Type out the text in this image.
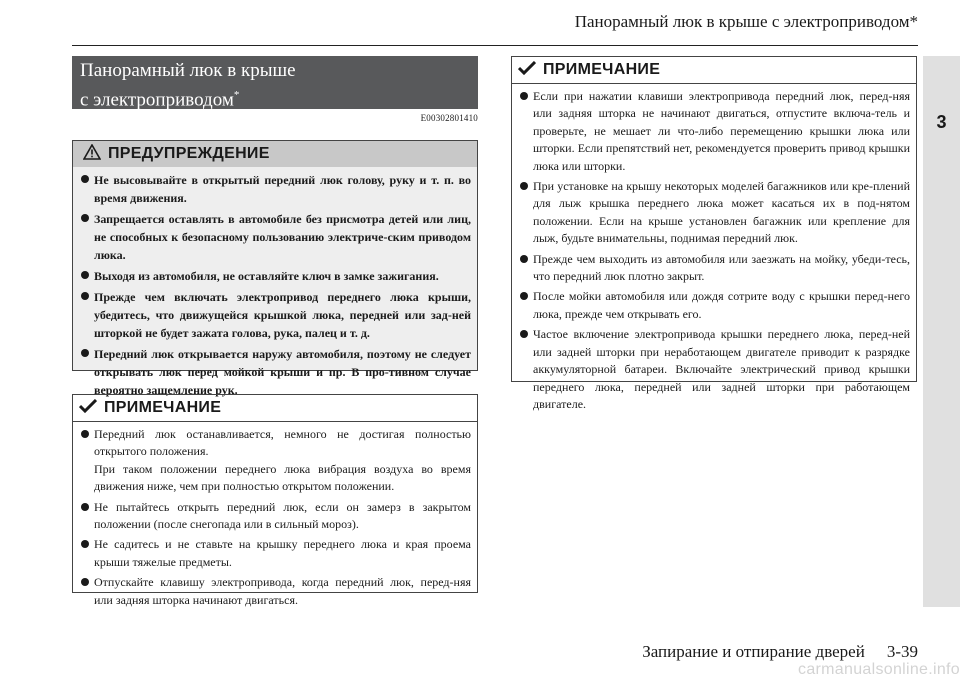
Панорамный люк в крыше с электроприводом*
3
Панорамный люк в крыше
с электроприводом*
E00302801410
ПРЕДУПРЕЖДЕНИЕ
Не высовывайте в открытый передний люк голову, руку и т. п. во время движения.
Запрещается оставлять в автомобиле без присмотра детей или лиц, не способных к безопасному пользованию электриче-ским приводом люка.
Выходя из автомобиля, не оставляйте ключ в замке зажигания.
Прежде чем включать электропривод переднего люка крыши, убедитесь, что движущейся крышкой люка, передней или зад-ней шторкой не будет зажата голова, рука, палец и т. д.
Передний люк открывается наружу автомобиля, поэтому не следует открывать люк перед мойкой крыши и пр. В про-тивном случае вероятно защемление рук.
ПРИМЕЧАНИЕ
Передний люк останавливается, немного не достигая полностью открытого положения.
При таком положении переднего люка вибрация воздуха во время движения ниже, чем при полностью открытом положении.
Не пытайтесь открыть передний люк, если он замерз в закрытом положении (после снегопада или в сильный мороз).
Не садитесь и не ставьте на крышку переднего люка и края проема крыши тяжелые предметы.
Отпускайте клавишу электропривода, когда передний люк, перед-няя или задняя шторка начинают двигаться.
ПРИМЕЧАНИЕ
Если при нажатии клавиши электропривода передний люк, перед-няя или задняя шторка не начинают двигаться, отпустите включа-тель и проверьте, не мешает ли что-либо перемещению крышки люка или шторки. Если препятствий нет, рекомендуется проверить привод крышки люка или шторки.
При установке на крышу некоторых моделей багажников или кре-плений для лыж крышка переднего люка может касаться их в под-нятом положении. Если на крыше установлен багажник или крепление для лыж, будьте внимательны, поднимая передний люк.
Прежде чем выходить из автомобиля или заезжать на мойку, убеди-тесь, что передний люк плотно закрыт.
После мойки автомобиля или дождя сотрите воду с крышки перед-него люка, прежде чем открывать его.
Частое включение электропривода крышки переднего люка, перед-ней или задней шторки при неработающем двигателе приводит к разрядке аккумуляторной батареи. Включайте электрический привод крышки переднего люка, передней или задней шторки при работающем двигателе.
Запирание и отпирание дверей 3-39
carmanualsonline.info
